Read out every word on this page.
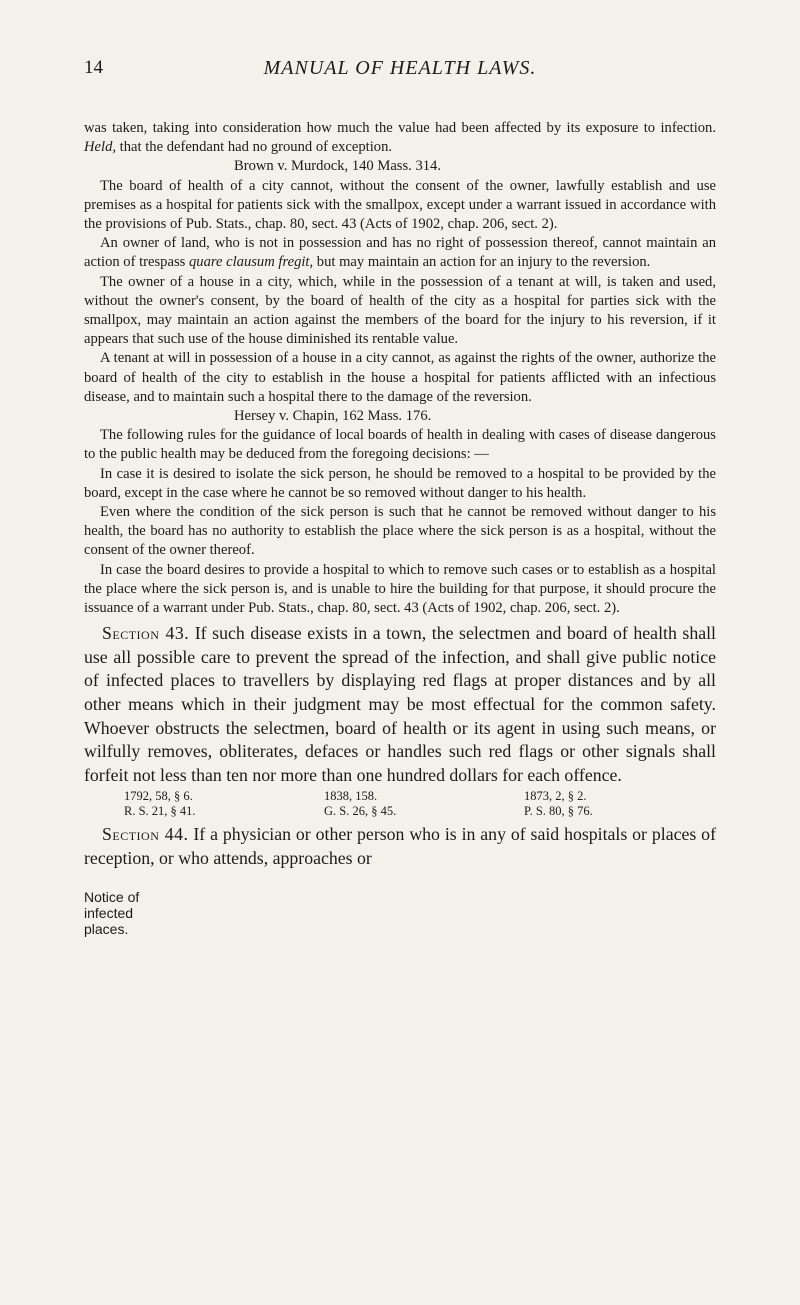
14	MANUAL OF HEALTH LAWS.

was taken, taking into consideration how much the value had been affected by its exposure to infection. Held, that the defendant had no ground of exception.

Brown v. Murdock, 140 Mass. 314.

The board of health of a city cannot, without the consent of the owner, lawfully establish and use premises as a hospital for patients sick with the smallpox, except under a warrant issued in accordance with the provisions of Pub. Stats., chap. 80, sect. 43 (Acts of 1902, chap. 206, sect. 2).

An owner of land, who is not in possession and has no right of possession thereof, cannot maintain an action of trespass quare clausum fregit, but may maintain an action for an injury to the reversion.

The owner of a house in a city, which, while in the possession of a tenant at will, is taken and used, without the owner's consent, by the board of health of the city as a hospital for parties sick with the smallpox, may maintain an action against the members of the board for the injury to his reversion, if it appears that such use of the house diminished its rentable value.

A tenant at will in possession of a house in a city cannot, as against the rights of the owner, authorize the board of health of the city to establish in the house a hospital for patients afflicted with an infectious disease, and to maintain such a hospital there to the damage of the reversion.

Hersey v. Chapin, 162 Mass. 176.

The following rules for the guidance of local boards of health in dealing with cases of disease dangerous to the public health may be deduced from the foregoing decisions: —

In case it is desired to isolate the sick person, he should be removed to a hospital to be provided by the board, except in the case where he cannot be so removed without danger to his health.

Even where the condition of the sick person is such that he cannot be removed without danger to his health, the board has no authority to establish the place where the sick person is as a hospital, without the consent of the owner thereof.

In case the board desires to provide a hospital to which to remove such cases or to establish as a hospital the place where the sick person is, and is unable to hire the building for that purpose, it should procure the issuance of a warrant under Pub. Stats., chap. 80, sect. 43 (Acts of 1902, chap. 206, sect. 2).

Section 43. If such disease exists in a town, the selectmen and board of health shall use all possible care to prevent the spread of the infection, and shall give public notice of infected places to travellers by displaying red flags at proper distances and by all other means which in their judgment may be most effectual for the common safety. Whoever obstructs the selectmen, board of health or its agent in using such means, or wilfully removes, obliterates, defaces or handles such red flags or other signals shall forfeit not less than ten nor more than one hundred dollars for each offence.

1792, 58, § 6.	1838, 158.	1873, 2, § 2.
R. S. 21, § 41.	G. S. 26, § 45.	P. S. 80, § 76.

Section 44. If a physician or other person who is in any of said hospitals or places of reception, or who attends, approaches or

Notice of infected places.
